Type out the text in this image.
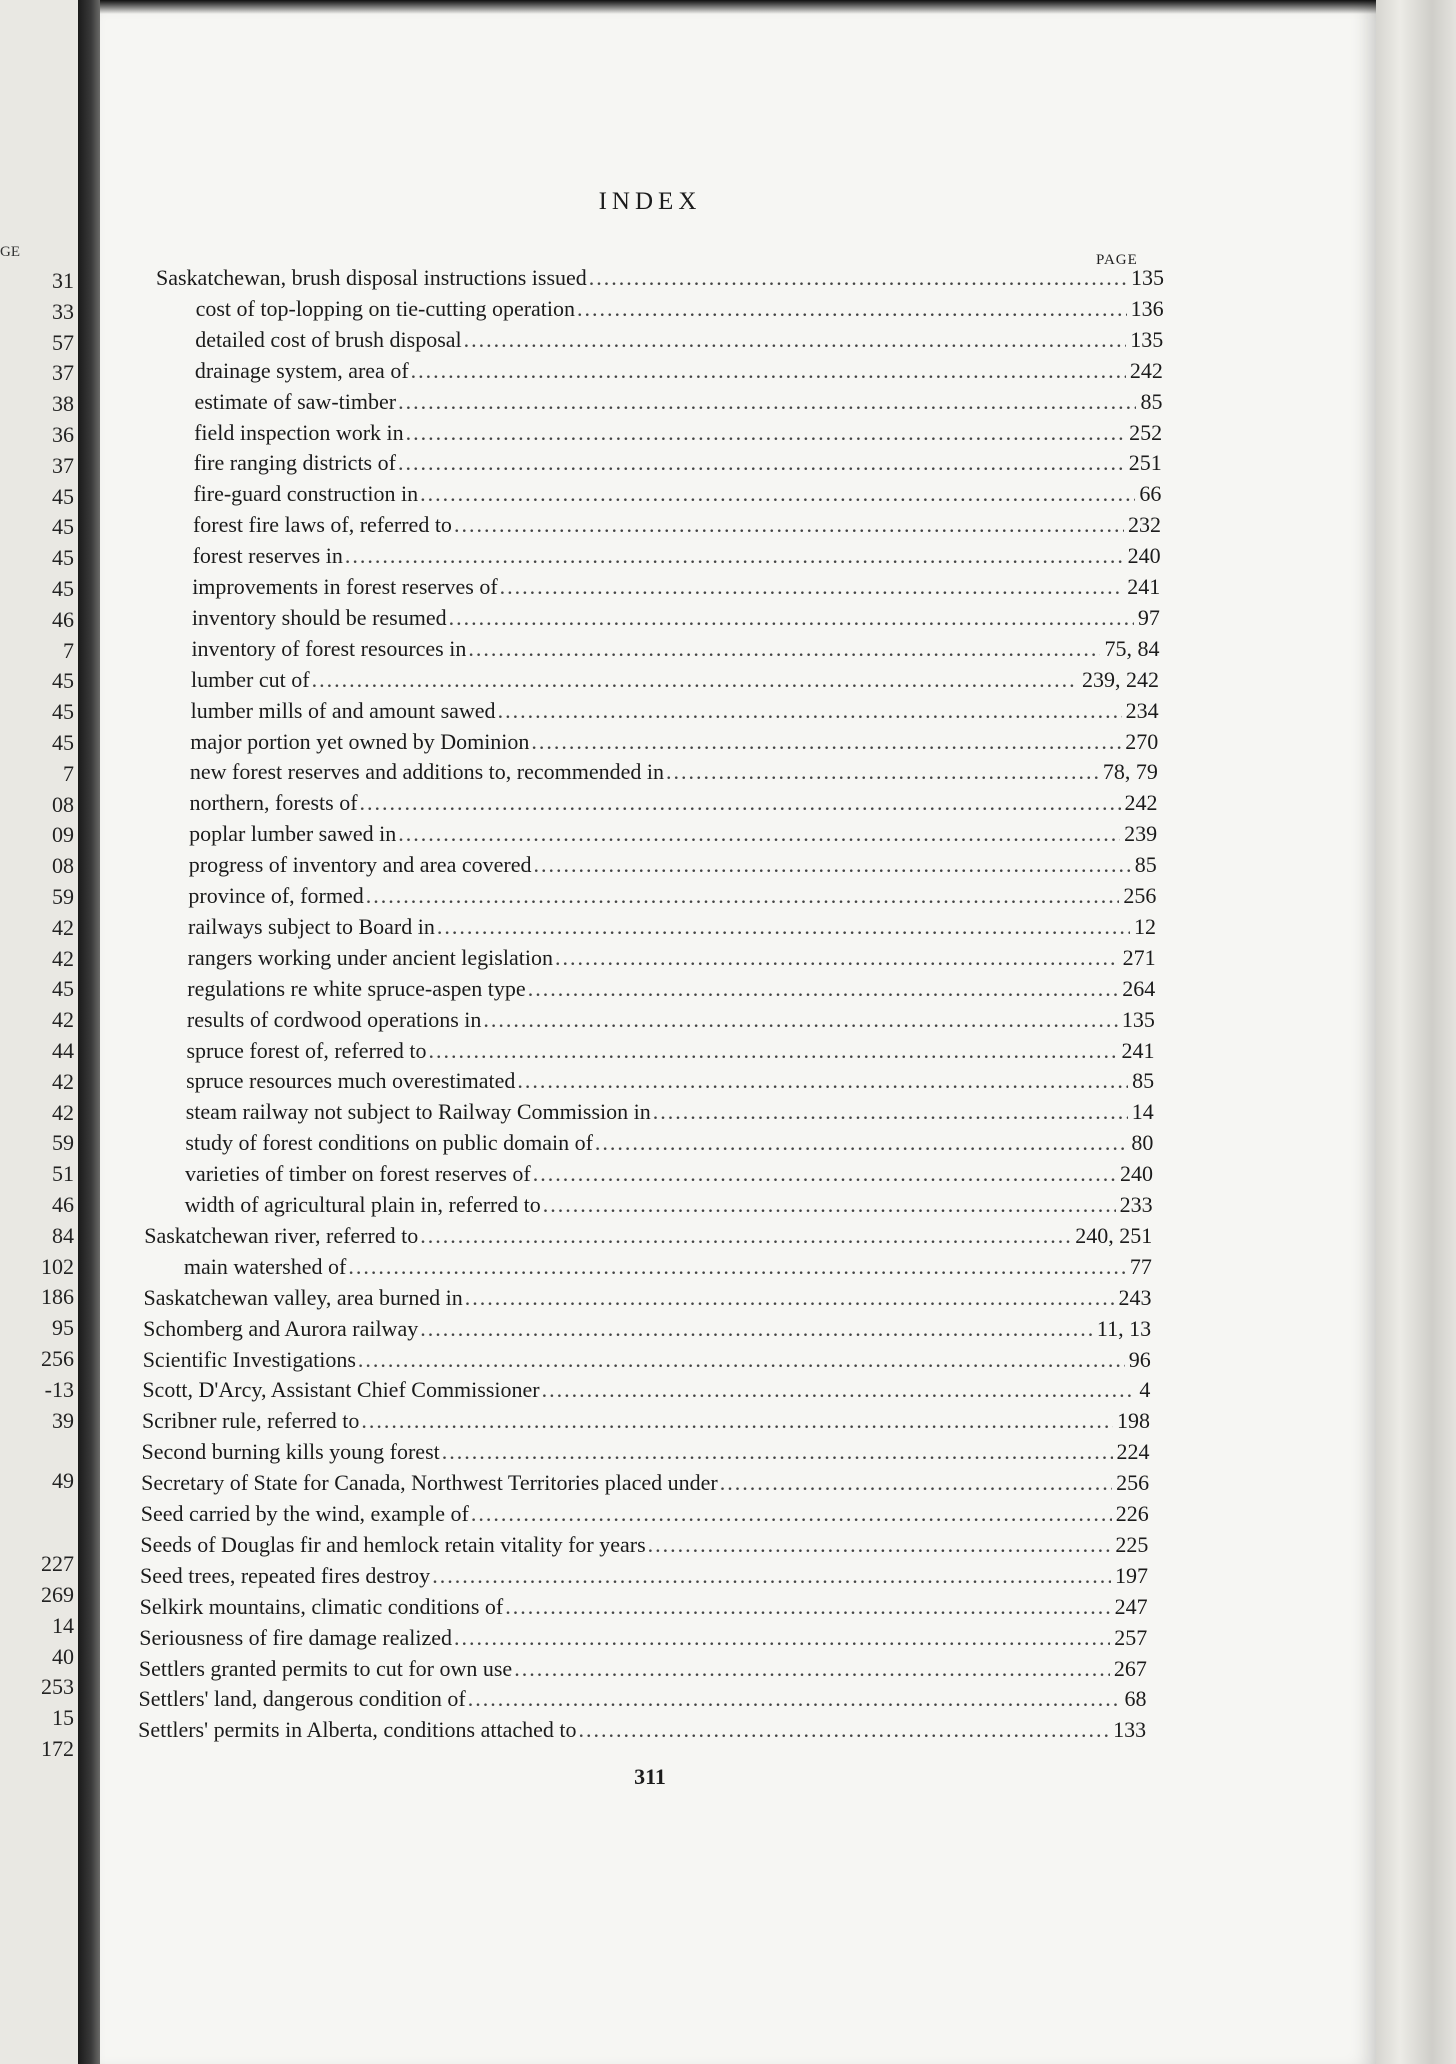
GE
31
33
57
37
38
36
37
45
45
45
45
46
7
45
45
45
7
08
09
08
59
42
42
45
42
44
42
42
59
51
46
84
102
186
95
256
-13
39
49
227
269
14
40
253
15
172
INDEX
PAGE
Saskatchewan, brush disposal instructions issued .....	135
cost of top-lopping on tie-cutting operation .....	136
detailed cost of brush disposal .....	135
drainage system, area of .....	242
estimate of saw-timber .....	85
field inspection work in .....	252
fire ranging districts of .....	251
fire-guard construction in .....	66
forest fire laws of, referred to .....	232
forest reserves in .....	240
improvements in forest reserves of .....	241
inventory should be resumed .....	97
inventory of forest resources in .....	75, 84
lumber cut of .....	239, 242
lumber mills of and amount sawed .....	234
major portion yet owned by Dominion .....	270
new forest reserves and additions to, recommended in .....	78, 79
northern, forests of .....	242
poplar lumber sawed in .....	239
progress of inventory and area covered .....	85
province of, formed .....	256
railways subject to Board in .....	12
rangers working under ancient legislation .....	271
regulations re white spruce-aspen type .....	264
results of cordwood operations in .....	135
spruce forest of, referred to .....	241
spruce resources much overestimated .....	85
steam railway not subject to Railway Commission in .....	14
study of forest conditions on public domain of .....	80
varieties of timber on forest reserves of .....	240
width of agricultural plain in, referred to .....	233
Saskatchewan river, referred to .....	240, 251
main watershed of .....	77
Saskatchewan valley, area burned in .....	243
Schomberg and Aurora railway .....	11, 13
Scientific Investigations .....	96
Scott, D'Arcy, Assistant Chief Commissioner .....	4
Scribner rule, referred to .....	198
Second burning kills young forest .....	224
Secretary of State for Canada, Northwest Territories placed under .....	256
Seed carried by the wind, example of .....	226
Seeds of Douglas fir and hemlock retain vitality for years .....	225
Seed trees, repeated fires destroy .....	197
Selkirk mountains, climatic conditions of .....	247
Seriousness of fire damage realized .....	257
Settlers granted permits to cut for own use .....	267
Settlers' land, dangerous condition of .....	68
Settlers' permits in Alberta, conditions attached to .....	133
311
